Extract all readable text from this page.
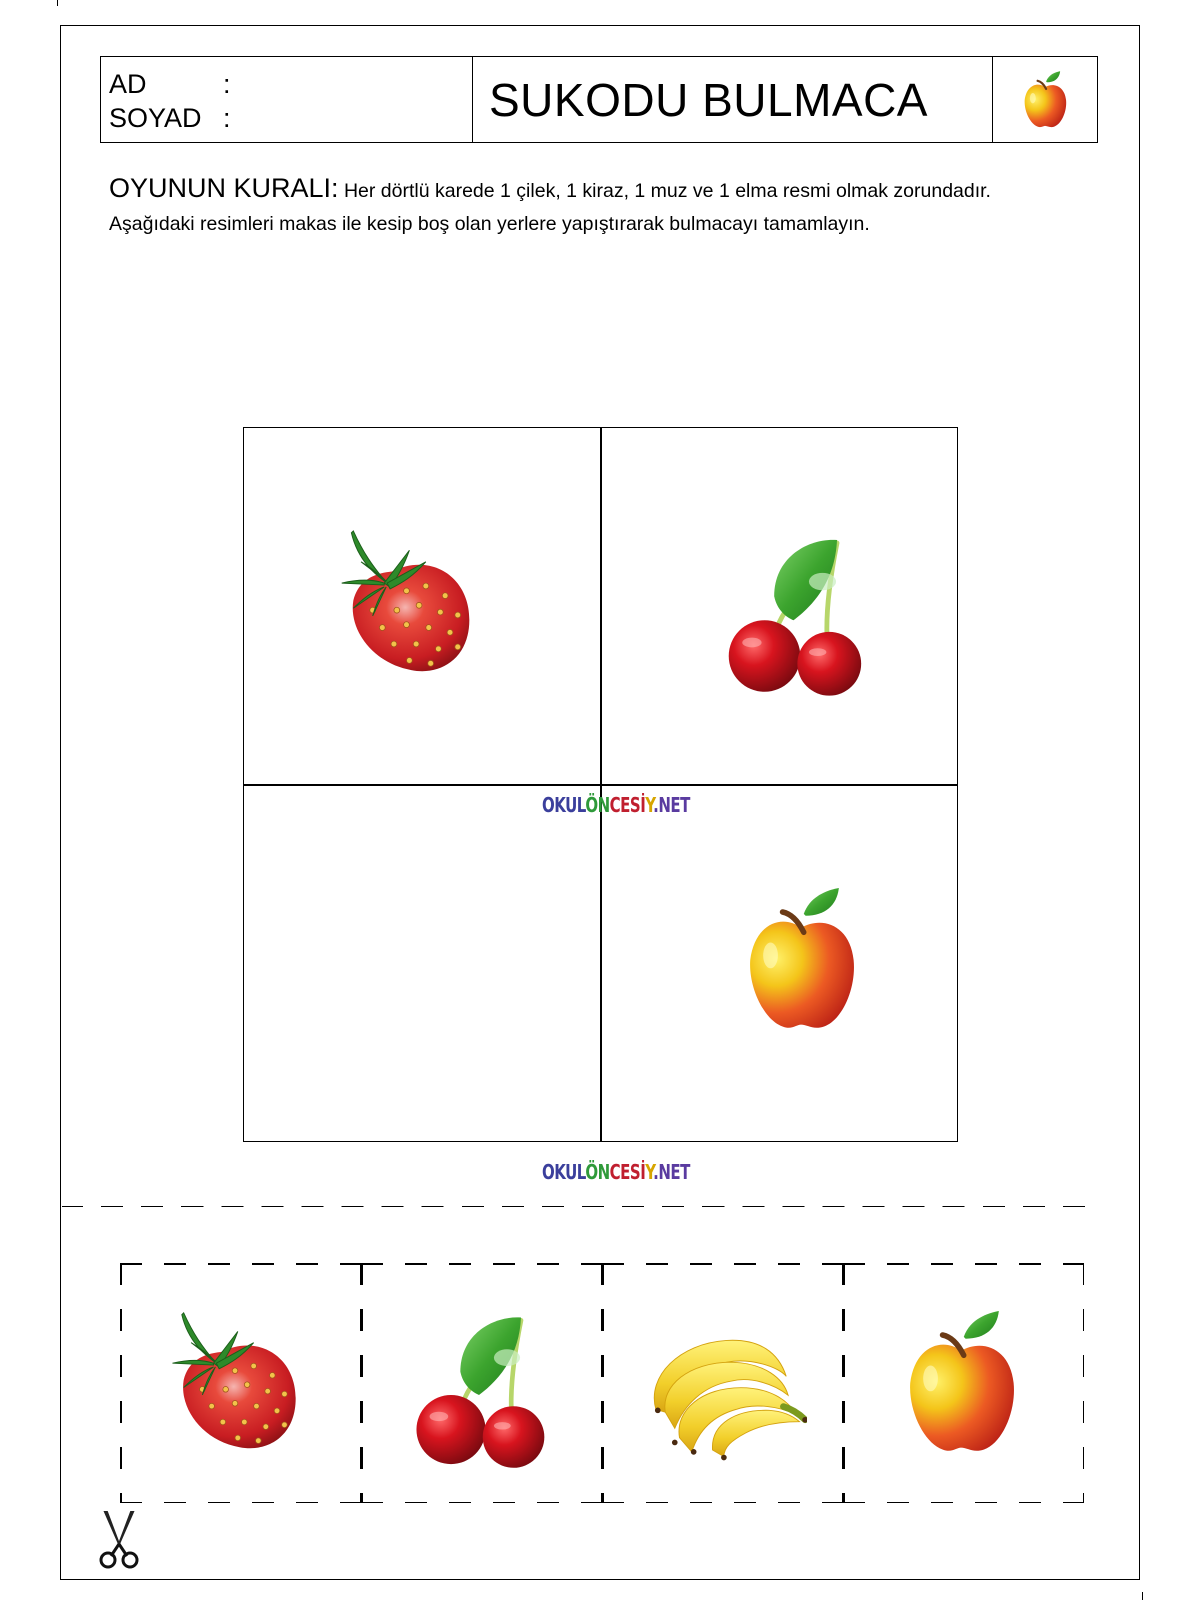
AD	:
SOYAD :	SUKODU BULMACA
OYUNUN KURALI: Her dörtlü karede 1 çilek, 1 kiraz, 1 muz ve 1 elma resmi olmak zorundadır. Aşağıdaki resimleri makas ile kesip boş olan yerlere yapıştırarak bulmacayı tamamlayın.
OKULÖNCESİY.NET
OKULÖNCESİY.NET
